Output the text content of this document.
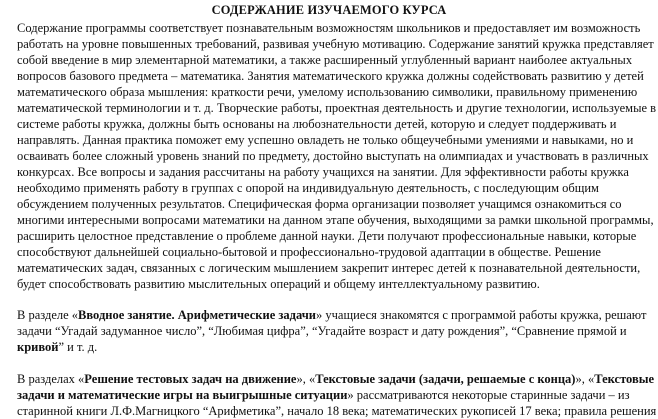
СОДЕРЖАНИЕ ИЗУЧАЕМОГО КУРСА
Содержание программы соответствует познавательным возможностям школьников и предоставляет им возможность
работать на уровне повышенных требований, развивая учебную мотивацию. Содержание занятий кружка представляет
собой введение в мир элементарной математики, а также расширенный углубленный вариант наиболее актуальных
вопросов базового предмета – математика. Занятия математического кружка должны содействовать развитию у детей
математического образа мышления: краткости речи, умелому использованию символики, правильному применению
математической терминологии и т. д. Творческие работы, проектная деятельность и другие технологии, используемые в
системе работы кружка, должны быть основаны на любознательности детей, которую и следует поддерживать и
направлять. Данная практика поможет ему успешно овладеть не только общеучебными умениями и навыками, но и
осваивать более сложный уровень знаний по предмету, достойно выступать на олимпиадах и участвовать в различных
конкурсах. Все вопросы и задания рассчитаны на работу учащихся на занятии. Для эффективности работы кружка
необходимо применять работу в группах с опорой на индивидуальную деятельность, с последующим общим
обсуждением полученных результатов. Специфическая форма организации позволяет учащимся ознакомиться со
многими интересными вопросами математики на данном этапе обучения, выходящими за рамки школьной программы,
расширить целостное представление о проблеме данной науки. Дети получают профессиональные навыки, которые
способствуют дальнейшей социально-бытовой и профессионально-трудовой адаптации в обществе. Решение
математических задач, связанных с логическим мышлением закрепит интерес детей к познавательной деятельности,
будет способствовать развитию мыслительных операций и общему интеллектуальному развитию.
В разделе «Вводное занятие. Арифметические задачи» учащиеся знакомятся с программой работы кружка, решают
задачи “Угадай задуманное число”, “Любимая цифра”, “Угадайте возраст и дату рождения”, “Сравнение прямой и
кривой” и т. д.
В разделах «Решение тестовых задач на движение», «Текстовые задачи (задачи, решаемые с конца)», «Текстовые
задачи и математические игры на выигрышные ситуации» рассматриваются некоторые старинные задачи – из
старинной книги Л.Ф.Магницкого “Арифметика”, начало 18 века; математических рукописей 17 века; правила решения
